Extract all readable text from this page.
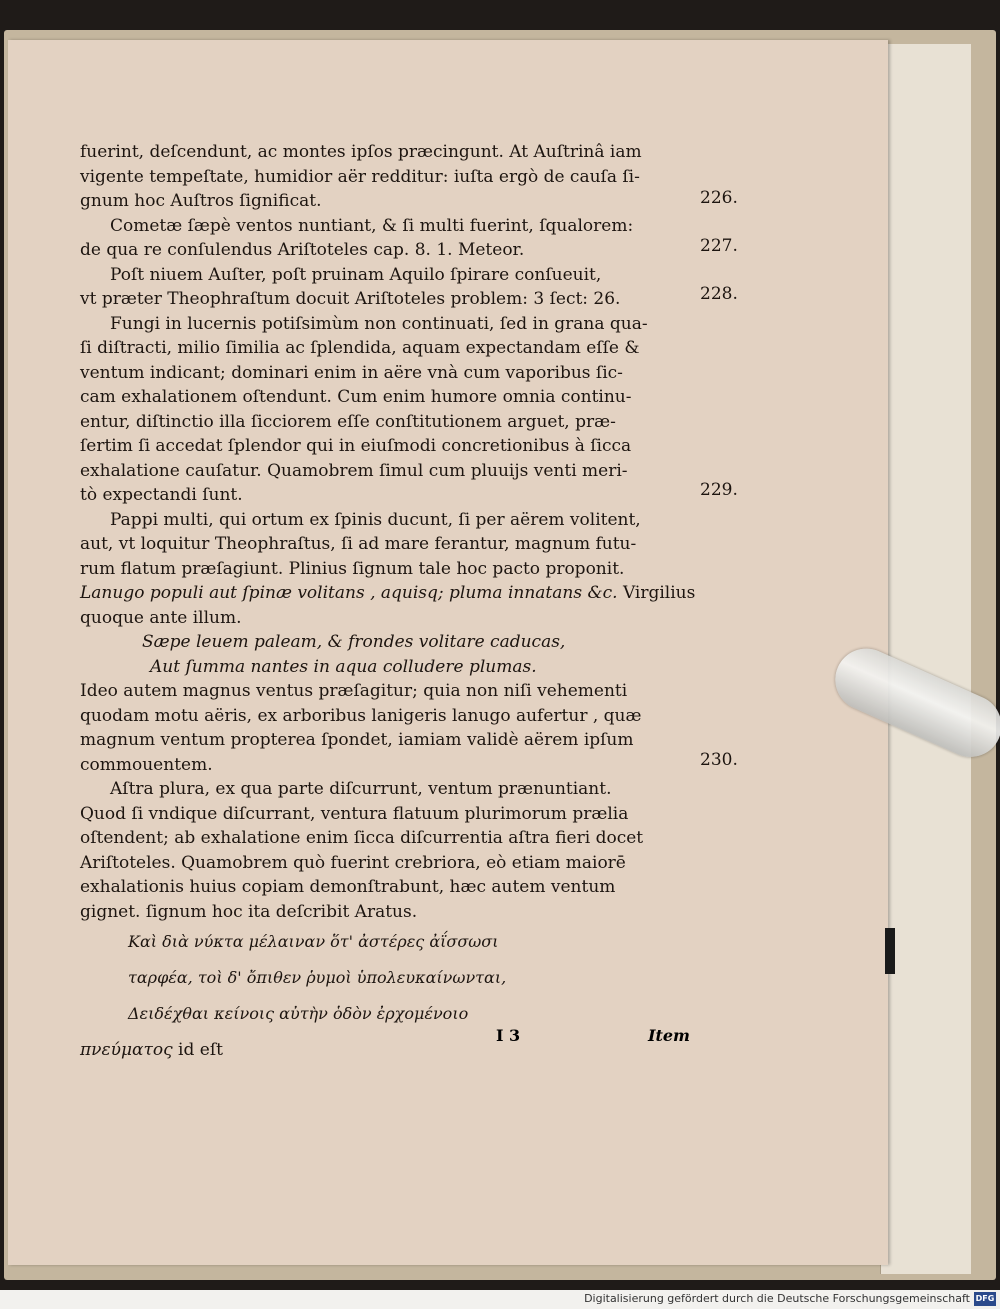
fuerint, deſcendunt, ac montes ipſos præcingunt. At Auſtrinâ iam
vigente tempeſtate, humidior aër redditur: iuſta ergò de cauſa ſi-
gnum hoc Auſtros ſignificat.

Cometæ ſæpè ventos nuntiant, & ſi multi fuerint, ſqualorem:
de qua re conſulendus Ariſtoteles cap. 8. 1. Meteor.

Poſt niuem Auſter, poſt pruinam Aquilo ſpirare conſueuit,
vt præter Theophraſtum docuit Ariſtoteles problem: 3 ſect: 26.

Fungi in lucernis potiſsimùm non continuati, ſed in grana qua-
ſi diſtracti, milio ſimilia ac ſplendida, aquam expectandam eſſe &
ventum indicant; dominari enim in aëre vnà cum vaporibus ſic-
cam exhalationem oſtendunt. Cum enim humore omnia continu-
entur, diſtinctio illa ſicciorem eſſe conſtitutionem arguet, præ-
ſertim ſi accedat ſplendor qui in eiuſmodi concretionibus à ſicca
exhalatione cauſatur. Quamobrem ſimul cum pluuijs venti meri-
tò expectandi ſunt.

Pappi multi, qui ortum ex ſpinis ducunt, ſi per aërem volitent,
aut, vt loquitur Theophraſtus, ſi ad mare ferantur, magnum futu-
rum flatum præſagiunt. Plinius ſignum tale hoc pacto proponit.
Lanugo populi aut ſpinæ volitans , aquisq; pluma innatans &c. Virgilius
quoque ante illum.

Sæpe leuem paleam, & frondes volitare caducas,
Aut ſumma nantes in aqua colludere plumas.

Ideo autem magnus ventus præſagitur; quia non niſi vehementi
quodam motu aëris, ex arboribus lanigeris lanugo aufertur , quæ
magnum ventum propterea ſpondet, iamiam validè aërem ipſum
commouentem.

Aſtra plura, ex qua parte diſcurrunt, ventum prænuntiant.
Quod ſi vndique diſcurrant, ventura flatuum plurimorum prælia
oſtendent; ab exhalatione enim ſicca diſcurrentia aſtra fieri docet
Ariſtoteles. Quamobrem quò fuerint crebriora, eò etiam maiorē
exhalationis huius copiam demonſtrabunt, hæc autem ventum
gignet. ſignum hoc ita deſcribit Aratus.

Καὶ διὰ νύκτα μέλαιναν ὅτ' ἀστέρες ἀΐσσωσι
ταρφέα, τοὶ δ' ὄπιθεν ῥυμοὶ ὑπολευκαίνωνται,
Δειδέχθαι κείνοις αὐτὴν ὁδὸν ἐρχομένοιο
πνεύματος id eſt
226.
227.
228.
229.
230.
I 3	Item
Digitalisierung gefördert durch die Deutsche Forschungsgemeinschaft DFG
